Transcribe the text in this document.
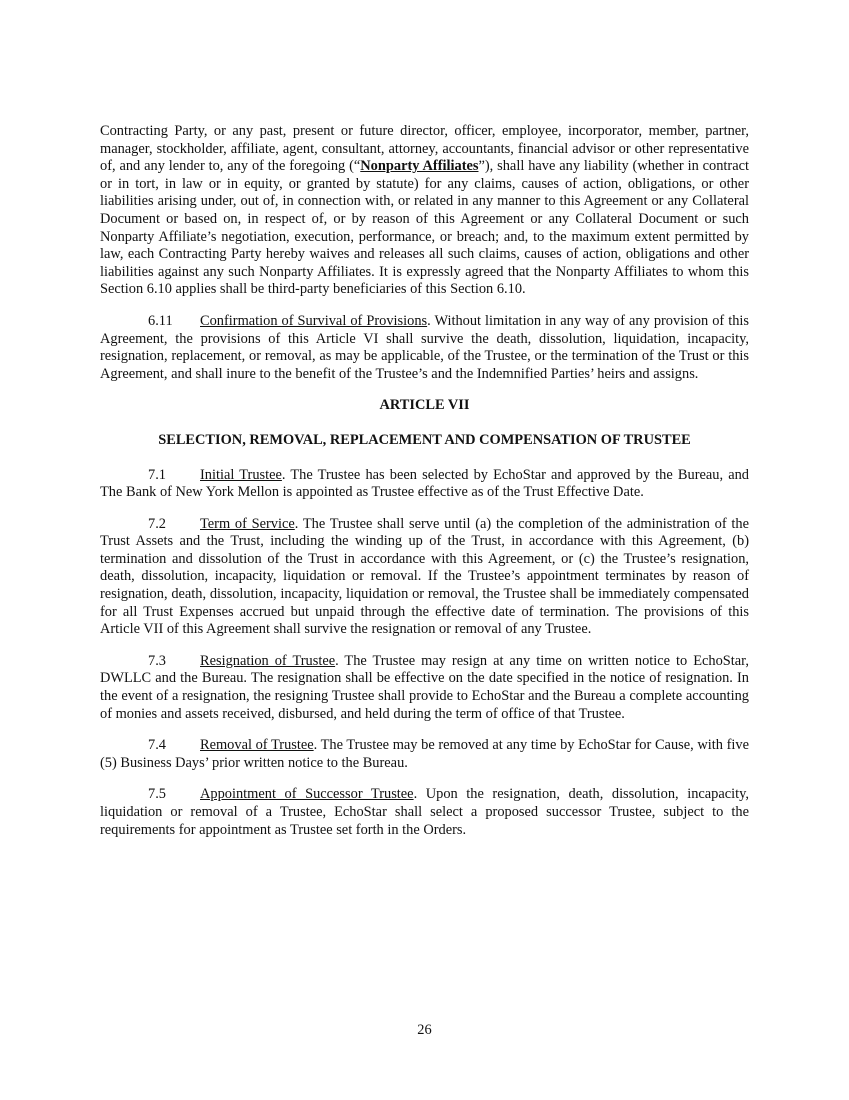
Contracting Party, or any past, present or future director, officer, employee, incorporator, member, partner, manager, stockholder, affiliate, agent, consultant, attorney, accountants, financial advisor or other representative of, and any lender to, any of the foregoing (“Nonparty Affiliates”), shall have any liability (whether in contract or in tort, in law or in equity, or granted by statute) for any claims, causes of action, obligations, or other liabilities arising under, out of, in connection with, or related in any manner to this Agreement or any Collateral Document or based on, in respect of, or by reason of this Agreement or any Collateral Document or such Nonparty Affiliate’s negotiation, execution, performance, or breach; and, to the maximum extent permitted by law, each Contracting Party hereby waives and releases all such claims, causes of action, obligations and other liabilities against any such Nonparty Affiliates. It is expressly agreed that the Nonparty Affiliates to whom this Section 6.10 applies shall be third-party beneficiaries of this Section 6.10.

6.11 Confirmation of Survival of Provisions. Without limitation in any way of any provision of this Agreement, the provisions of this Article VI shall survive the death, dissolution, liquidation, incapacity, resignation, replacement, or removal, as may be applicable, of the Trustee, or the termination of the Trust or this Agreement, and shall inure to the benefit of the Trustee’s and the Indemnified Parties’ heirs and assigns.

ARTICLE VII
SELECTION, REMOVAL, REPLACEMENT AND COMPENSATION OF TRUSTEE

7.1 Initial Trustee. The Trustee has been selected by EchoStar and approved by the Bureau, and The Bank of New York Mellon is appointed as Trustee effective as of the Trust Effective Date.

7.2 Term of Service. The Trustee shall serve until (a) the completion of the administration of the Trust Assets and the Trust, including the winding up of the Trust, in accordance with this Agreement, (b) termination and dissolution of the Trust in accordance with this Agreement, or (c) the Trustee’s resignation, death, dissolution, incapacity, liquidation or removal. If the Trustee’s appointment terminates by reason of resignation, death, dissolution, incapacity, liquidation or removal, the Trustee shall be immediately compensated for all Trust Expenses accrued but unpaid through the effective date of termination. The provisions of this Article VII of this Agreement shall survive the resignation or removal of any Trustee.

7.3 Resignation of Trustee. The Trustee may resign at any time on written notice to EchoStar, DWLLC and the Bureau. The resignation shall be effective on the date specified in the notice of resignation. In the event of a resignation, the resigning Trustee shall provide to EchoStar and the Bureau a complete accounting of monies and assets received, disbursed, and held during the term of office of that Trustee.

7.4 Removal of Trustee. The Trustee may be removed at any time by EchoStar for Cause, with five (5) Business Days’ prior written notice to the Bureau.

7.5 Appointment of Successor Trustee. Upon the resignation, death, dissolution, incapacity, liquidation or removal of a Trustee, EchoStar shall select a proposed successor Trustee, subject to the requirements for appointment as Trustee set forth in the Orders.

26
